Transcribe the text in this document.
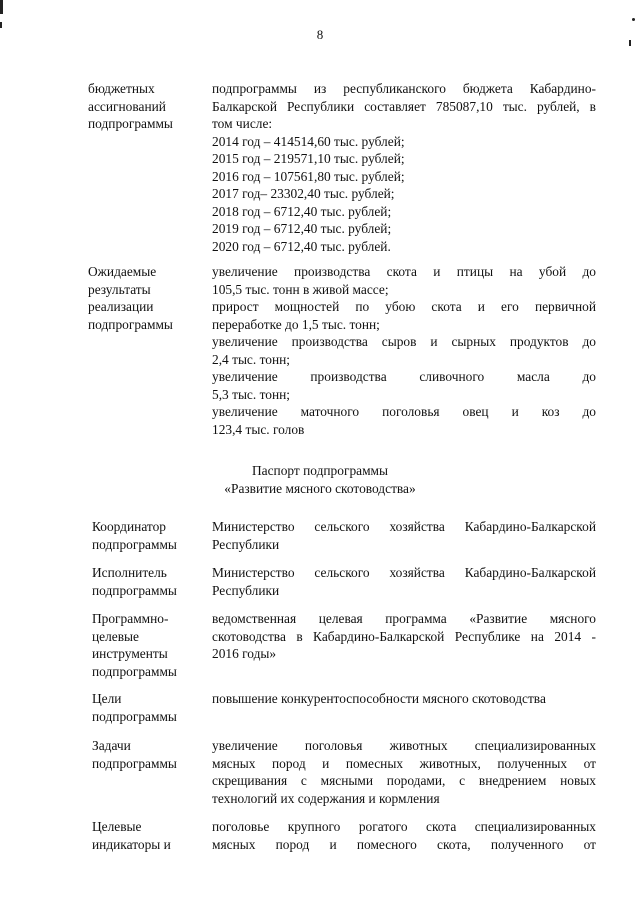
8
бюджетных
ассигнований
подпрограммы
подпрограммы из республиканского бюджета Кабардино-
Балкарской Республики составляет 785087,10 тыс. рублей, в
том числе:
2014 год – 414514,60 тыс. рублей;
2015 год – 219571,10 тыс. рублей;
2016 год – 107561,80 тыс. рублей;
2017 год– 23302,40 тыс. рублей;
2018 год – 6712,40 тыс. рублей;
2019 год – 6712,40 тыс. рублей;
2020 год – 6712,40 тыс. рублей.
Ожидаемые
результаты
реализации
подпрограммы
увеличение производства скота и птицы на убой до
105,5 тыс. тонн в живой массе;
прирост мощностей по убою скота и его первичной
переработке до 1,5 тыс. тонн;
увеличение производства сыров и сырных продуктов до
2,4 тыс. тонн;
увеличение производства сливочного масла до
5,3 тыс. тонн;
увеличение маточного поголовья овец и коз до
123,4 тыс. голов
Паспорт подпрограммы
«Развитие мясного скотоводства»
Координатор
подпрограммы
Министерство сельского хозяйства Кабардино-Балкарской
Республики
Исполнитель
подпрограммы
Министерство сельского хозяйства Кабардино-Балкарской
Республики
Программно-
целевые
инструменты
подпрограммы
ведомственная целевая программа «Развитие мясного
скотоводства в Кабардино-Балкарской Республике на 2014 -
2016 годы»
Цели
подпрограммы
повышение конкурентоспособности мясного скотоводства
Задачи
подпрограммы
увеличение поголовья животных специализированных
мясных пород и помесных животных, полученных от
скрещивания с мясными породами, с внедрением новых
технологий их содержания и кормления
Целевые
индикаторы и
поголовье крупного рогатого скота специализированных
мясных пород и помесного скота, полученного от
